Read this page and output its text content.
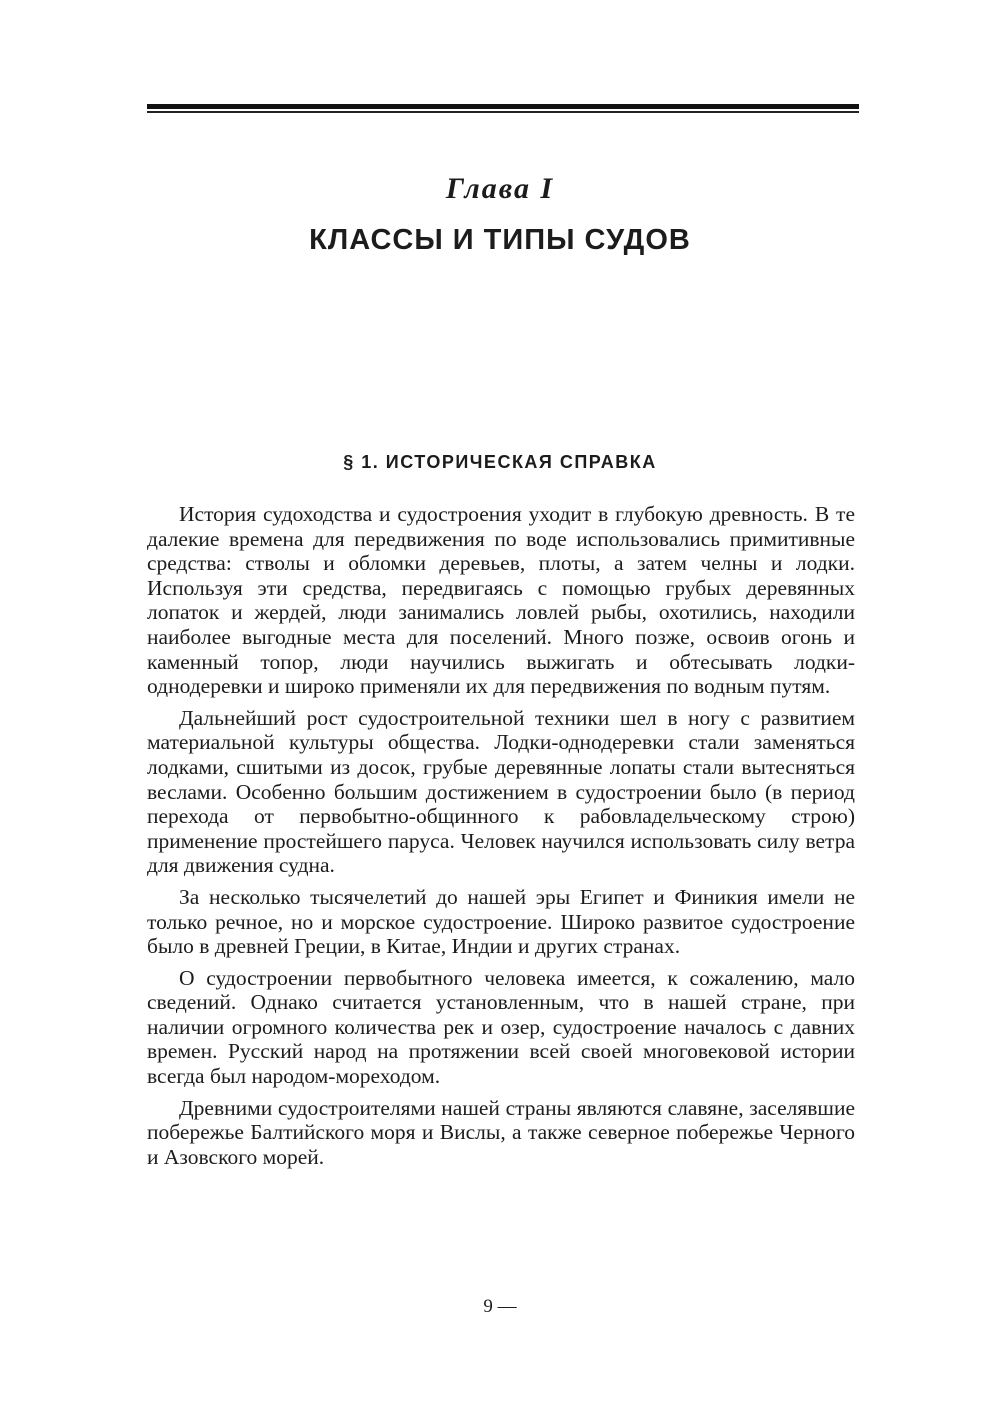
Глава I
КЛАССЫ И ТИПЫ СУДОВ
§ 1. ИСТОРИЧЕСКАЯ СПРАВКА

История судоходства и судостроения уходит в глубокую древность. В те далекие времена для передвижения по воде использовались примитивные средства: стволы и обломки деревьев, плоты, а затем челны и лодки. Используя эти средства, передвигаясь с помощью грубых деревянных лопаток и жердей, люди занимались ловлей рыбы, охотились, находили наиболее выгодные места для поселений. Много позже, освоив огонь и каменный топор, люди научились выжигать и обтесывать лодки-однодеревки и широко применяли их для передвижения по водным путям.

Дальнейший рост судостроительной техники шел в ногу с развитием материальной культуры общества. Лодки-однодеревки стали заменяться лодками, сшитыми из досок, грубые деревянные лопаты стали вытесняться веслами. Особенно большим достижением в судостроении было (в период перехода от первобытно-общинного к рабовладельческому строю) применение простейшего паруса. Человек научился использовать силу ветра для движения судна.

За несколько тысячелетий до нашей эры Египет и Финикия имели не только речное, но и морское судостроение. Широко развитое судостроение было в древней Греции, в Китае, Индии и других странах.

О судостроении первобытного человека имеется, к сожалению, мало сведений. Однако считается установленным, что в нашей стране, при наличии огромного количества рек и озер, судостроение началось с давних времен. Русский народ на протяжении всей своей многовековой истории всегда был народом-мореходом.

Древними судостроителями нашей страны являются славяне, заселявшие побережье Балтийского моря и Вислы, а также северное побережье Черного и Азовского морей.

9 —
